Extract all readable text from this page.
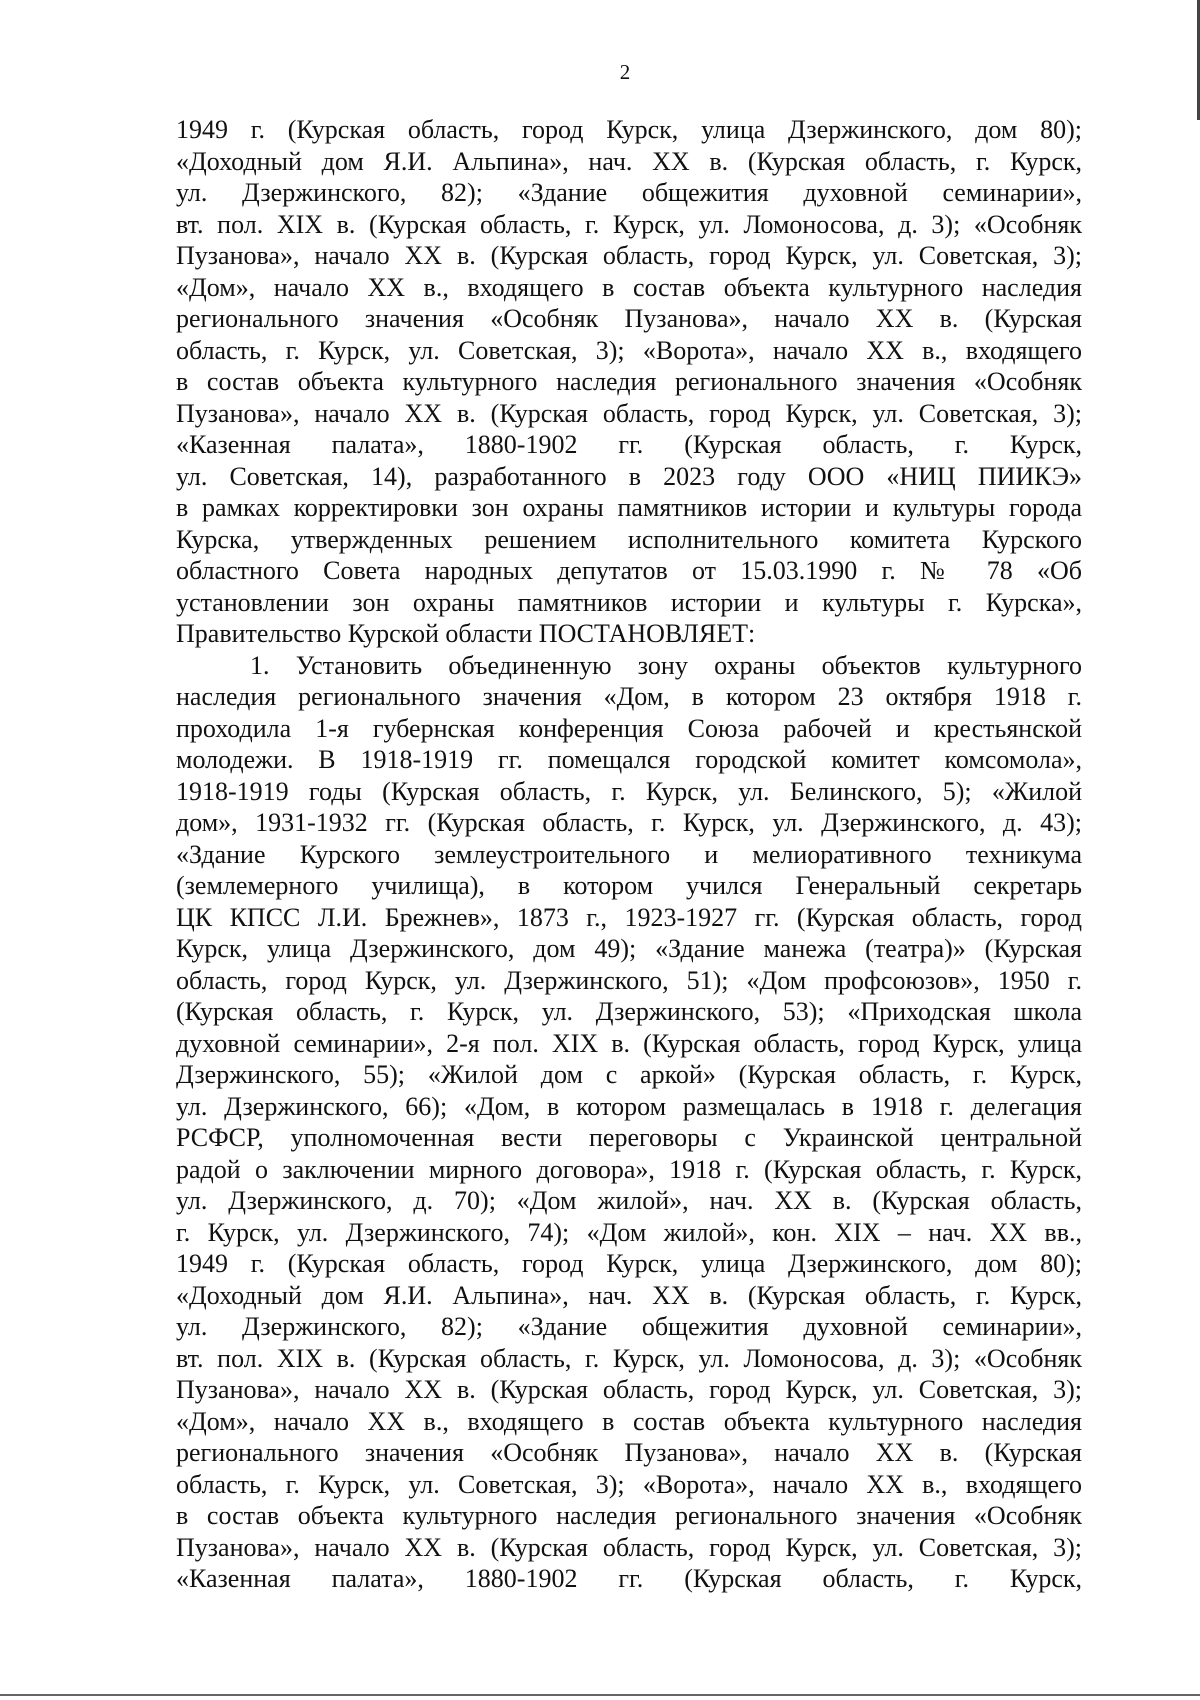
2
1949 г. (Курская область, город Курск, улица Дзержинского, дом 80);
«Доходный дом Я.И. Альпина», нач. XX в. (Курская область, г. Курск,
ул. Дзержинского, 82); «Здание общежития духовной семинарии»,
вт. пол. XIX в. (Курская область, г. Курск, ул. Ломоносова, д. 3); «Особняк
Пузанова», начало XX в. (Курская область, город Курск, ул. Советская, 3);
«Дом», начало XX в., входящего в состав объекта культурного наследия
регионального значения «Особняк Пузанова», начало XX в. (Курская
область, г. Курск, ул. Советская, 3); «Ворота», начало XX в., входящего
в состав объекта культурного наследия регионального значения «Особняк
Пузанова», начало XX в. (Курская область, город Курск, ул. Советская, 3);
«Казенная палата», 1880-1902 гг. (Курская область, г. Курск,
ул. Советская, 14), разработанного в 2023 году ООО «НИЦ ПИИКЭ»
в рамках корректировки зон охраны памятников истории и культуры города
Курска, утвержденных решением исполнительного комитета Курского
областного Совета народных депутатов от 15.03.1990 г. № 78 «Об
установлении зон охраны памятников истории и культуры г. Курска»,
Правительство Курской области ПОСТАНОВЛЯЕТ:
1. Установить объединенную зону охраны объектов культурного
наследия регионального значения «Дом, в котором 23 октября 1918 г.
проходила 1-я губернская конференция Союза рабочей и крестьянской
молодежи. В 1918-1919 гг. помещался городской комитет комсомола»,
1918-1919 годы (Курская область, г. Курск, ул. Белинского, 5); «Жилой
дом», 1931-1932 гг. (Курская область, г. Курск, ул. Дзержинского, д. 43);
«Здание Курского землеустроительного и мелиоративного техникума
(землемерного училища), в котором учился Генеральный секретарь
ЦК КПСС Л.И. Брежнев», 1873 г., 1923-1927 гг. (Курская область, город
Курск, улица Дзержинского, дом 49); «Здание манежа (театра)» (Курская
область, город Курск, ул. Дзержинского, 51); «Дом профсоюзов», 1950 г.
(Курская область, г. Курск, ул. Дзержинского, 53); «Приходская школа
духовной семинарии», 2-я пол. XIX в. (Курская область, город Курск, улица
Дзержинского, 55); «Жилой дом с аркой» (Курская область, г. Курск,
ул. Дзержинского, 66); «Дом, в котором размещалась в 1918 г. делегация
РСФСР, уполномоченная вести переговоры с Украинской центральной
радой о заключении мирного договора», 1918 г. (Курская область, г. Курск,
ул. Дзержинского, д. 70); «Дом жилой», нач. XX в. (Курская область,
г. Курск, ул. Дзержинского, 74); «Дом жилой», кон. XIX – нач. XX вв.,
1949 г. (Курская область, город Курск, улица Дзержинского, дом 80);
«Доходный дом Я.И. Альпина», нач. XX в. (Курская область, г. Курск,
ул. Дзержинского, 82); «Здание общежития духовной семинарии»,
вт. пол. XIX в. (Курская область, г. Курск, ул. Ломоносова, д. 3); «Особняк
Пузанова», начало XX в. (Курская область, город Курск, ул. Советская, 3);
«Дом», начало XX в., входящего в состав объекта культурного наследия
регионального значения «Особняк Пузанова», начало XX в. (Курская
область, г. Курск, ул. Советская, 3); «Ворота», начало XX в., входящего
в состав объекта культурного наследия регионального значения «Особняк
Пузанова», начало XX в. (Курская область, город Курск, ул. Советская, 3);
«Казенная палата», 1880-1902 гг. (Курская область, г. Курск,
